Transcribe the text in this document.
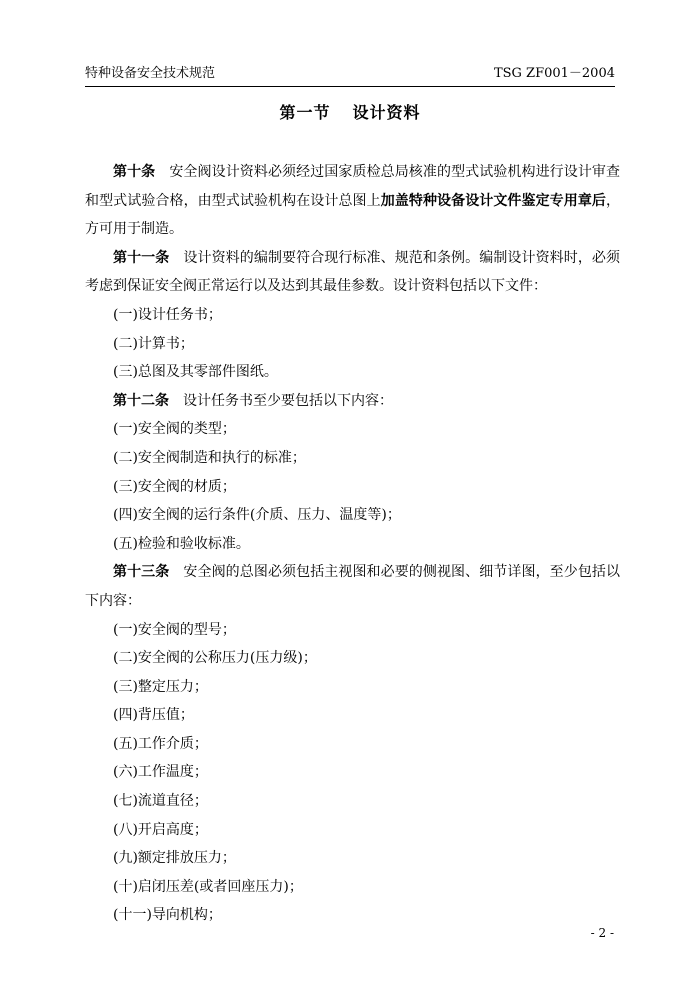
特种设备安全技术规范	TSG ZF001－2004
第一节 设计资料

第十条 安全阀设计资料必须经过国家质检总局核准的型式试验机构进行设计审查和型式试验合格，由型式试验机构在设计总图上加盖特种设备设计文件鉴定专用章后，方可用于制造。

第十一条 设计资料的编制要符合现行标准、规范和条例。编制设计资料时，必须考虑到保证安全阀正常运行以及达到其最佳参数。设计资料包括以下文件：

(一)设计任务书；

(二)计算书；

(三)总图及其零部件图纸。

第十二条 设计任务书至少要包括以下内容：

(一)安全阀的类型；

(二)安全阀制造和执行的标准；

(三)安全阀的材质；

(四)安全阀的运行条件(介质、压力、温度等)；

(五)检验和验收标准。

第十三条 安全阀的总图必须包括主视图和必要的侧视图、细节详图，至少包括以下内容：

(一)安全阀的型号；

(二)安全阀的公称压力(压力级)；

(三)整定压力；

(四)背压值；

(五)工作介质；

(六)工作温度；

(七)流道直径；

(八)开启高度；

(九)额定排放压力；

(十)启闭压差(或者回座压力)；

(十一)导向机构；

- 2 -
